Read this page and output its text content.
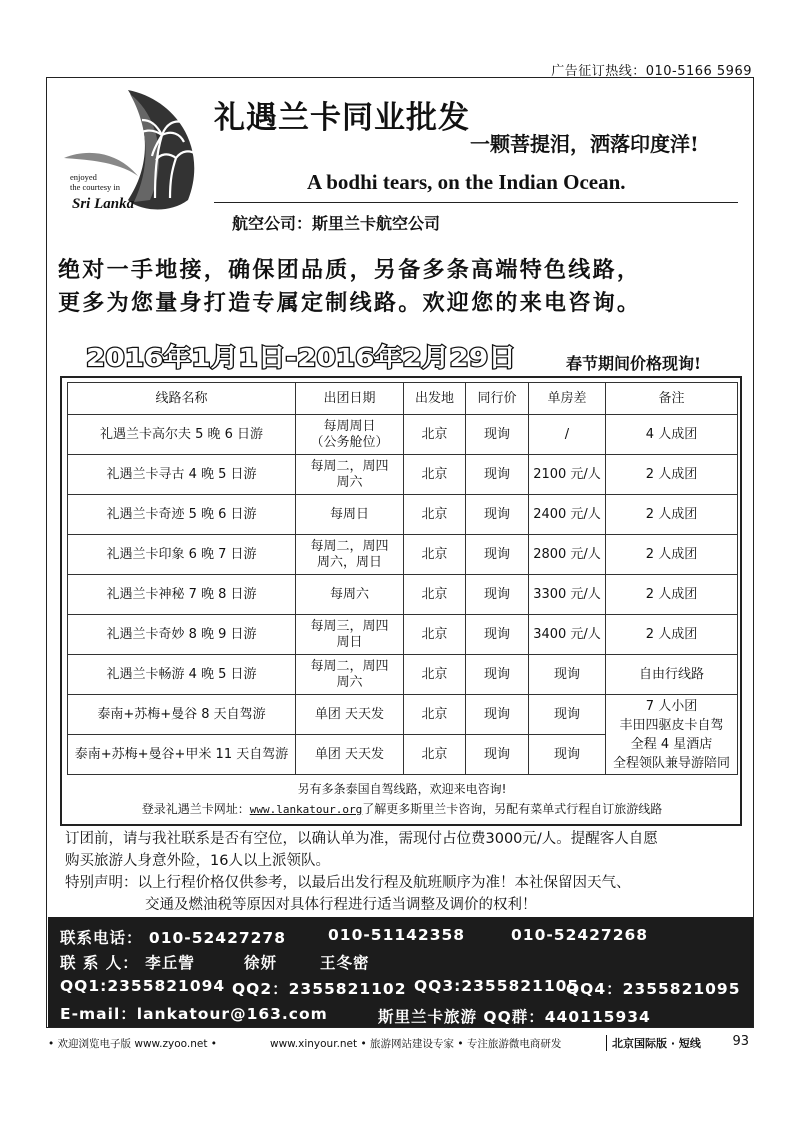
广告征订热线：010-5166 5969
enjoyed
the courtesy in
Sri Lanka
礼遇兰卡同业批发
一颗菩提泪，洒落印度洋!
A bodhi tears, on the Indian Ocean.
航空公司：斯里兰卡航空公司
绝对一手地接，确保团品质，另备多条高端特色线路，
更多为您量身打造专属定制线路。欢迎您的来电咨询。
2016年1月1日-2016年2月29日	春节期间价格现询!
线路名称	出团日期	出发地	同行价	单房差	备注
礼遇兰卡高尔夫 5 晚 6 日游	每周周日
（公务舱位）	北京	现询	/	4 人成团
礼遇兰卡寻古 4 晚 5 日游	每周二，周四
周六	北京	现询	2100 元/人	2 人成团
礼遇兰卡奇迹 5 晚 6 日游	每周日	北京	现询	2400 元/人	2 人成团
礼遇兰卡印象 6 晚 7 日游	每周二，周四
周六，周日	北京	现询	2800 元/人	2 人成团
礼遇兰卡神秘 7 晚 8 日游	每周六	北京	现询	3300 元/人	2 人成团
礼遇兰卡奇妙 8 晚 9 日游	每周三，周四
周日	北京	现询	3400 元/人	2 人成团
礼遇兰卡畅游 4 晚 5 日游	每周二，周四
周六	北京	现询	现询	自由行线路
泰南+苏梅+曼谷 8 天自驾游	单团 天天发	北京	现询	现询	7 人小团
丰田四驱皮卡自驾
全程 4 星酒店
全程领队兼导游陪同

泰南+苏梅+曼谷+甲米 11 天自驾游	单团 天天发	北京	现询	现询	
另有多条泰国自驾线路，欢迎来电咨询!
登录礼遇兰卡网址：www.lankatour.org了解更多斯里兰卡咨询，另配有菜单式行程自订旅游线路
订团前，请与我社联系是否有空位，以确认单为准，需现付占位费3000元/人。提醒客人自愿
购买旅游人身意外险，16人以上派领队。
特别声明：以上行程价格仅供参考，以最后出发行程及航班顺序为准！本社保留因天气、
交通及燃油税等原因对具体行程进行适当调整及调价的权利！
联系电话： 010-52427278	010-51142358	010-52427268
联 系 人： 李丘訾	徐妍	王冬密
QQ1:2355821094 QQ2：2355821102 QQ3:2355821105
QQ4：2355821095
E-mail：lankatour@163.com	斯里兰卡旅游 QQ群：440115934
• 欢迎浏览电子版 www.zyoo.net •	www.xinyour.net • 旅游网站建设专家 • 专注旅游微电商研发	北京国际版 · 短线 93
